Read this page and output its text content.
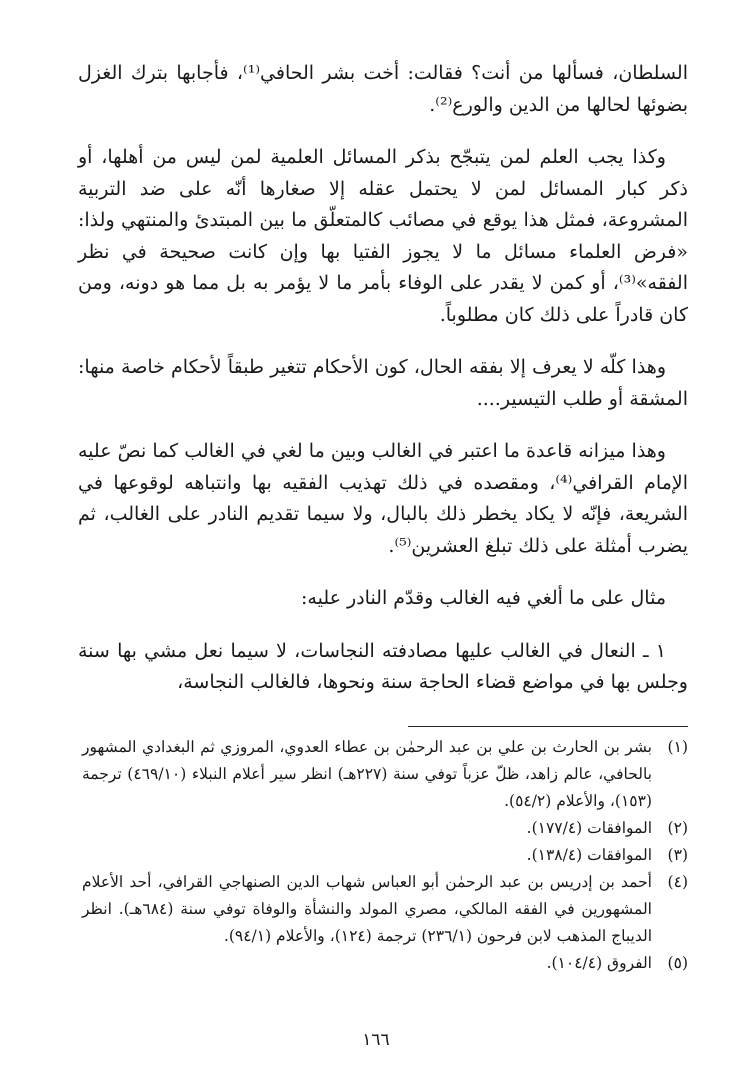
السلطان، فسألها من أنت؟ فقالت: أخت بشر الحافي⁽¹⁾، فأجابها بترك الغزل بضوئها لحالها من الدين والورع⁽²⁾.

وكذا يجب العلم لمن يتبجّح بذكر المسائل العلمية لمن ليس من أهلها، أو ذكر كبار المسائل لمن لا يحتمل عقله إلا صغارها أنّه على ضد التربية المشروعة، فمثل هذا يوقع في مصائب كالمتعلّق ما بين المبتدئ والمنتهي ولذا: «فرض العلماء مسائل ما لا يجوز الفتيا بها وإن كانت صحيحة في نظر الفقه»⁽³⁾، أو كمن لا يقدر على الوفاء بأمر ما لا يؤمر به بل مما هو دونه، ومن كان قادراً على ذلك كان مطلوباً.

وهذا كلّه لا يعرف إلا بفقه الحال، كون الأحكام تتغير طبقاً لأحكام خاصة منها: المشقة أو طلب التيسير....

وهذا ميزانه قاعدة ما اعتبر في الغالب وبين ما لغي في الغالب كما نصّ عليه الإمام القرافي⁽⁴⁾، ومقصده في ذلك تهذيب الفقيه بها وانتباهه لوقوعها في الشريعة، فإنّه لا يكاد يخطر ذلك بالبال، ولا سيما تقديم النادر على الغالب، ثم يضرب أمثلة على ذلك تبلغ العشرين⁽⁵⁾.

مثال على ما ألغي فيه الغالب وقدّم النادر عليه:

١ ـ النعال في الغالب عليها مصادفته النجاسات، لا سيما نعل مشي بها سنة وجلس بها في مواضع قضاء الحاجة سنة ونحوها، فالغالب النجاسة،

(١)
بشر بن الحارث بن علي بن عبد الرحمٰن بن عطاء العدوي، المروزي ثم البغدادي المشهور بالحافي، عالم زاهد، ظلّ عزباً توفي سنة (٢٢٧هـ) انظر سير أعلام النبلاء (٤٦٩/١٠) ترجمة (١٥٣)، والأعلام (٥٤/٢).
(٢)
الموافقات (١٧٧/٤).
(٣)
الموافقات (١٣٨/٤).
(٤)
أحمد بن إدريس بن عبد الرحمٰن أبو العباس شهاب الدين الصنهاجي القرافي، أحد الأعلام المشهورين في الفقه المالكي، مصري المولد والنشأة والوفاة توفي سنة (٦٨٤هـ). انظر الديباج المذهب لابن فرحون (٢٣٦/١) ترجمة (١٢٤)، والأعلام (٩٤/١).
(٥)
الفروق (١٠٤/٤).
١٦٦
